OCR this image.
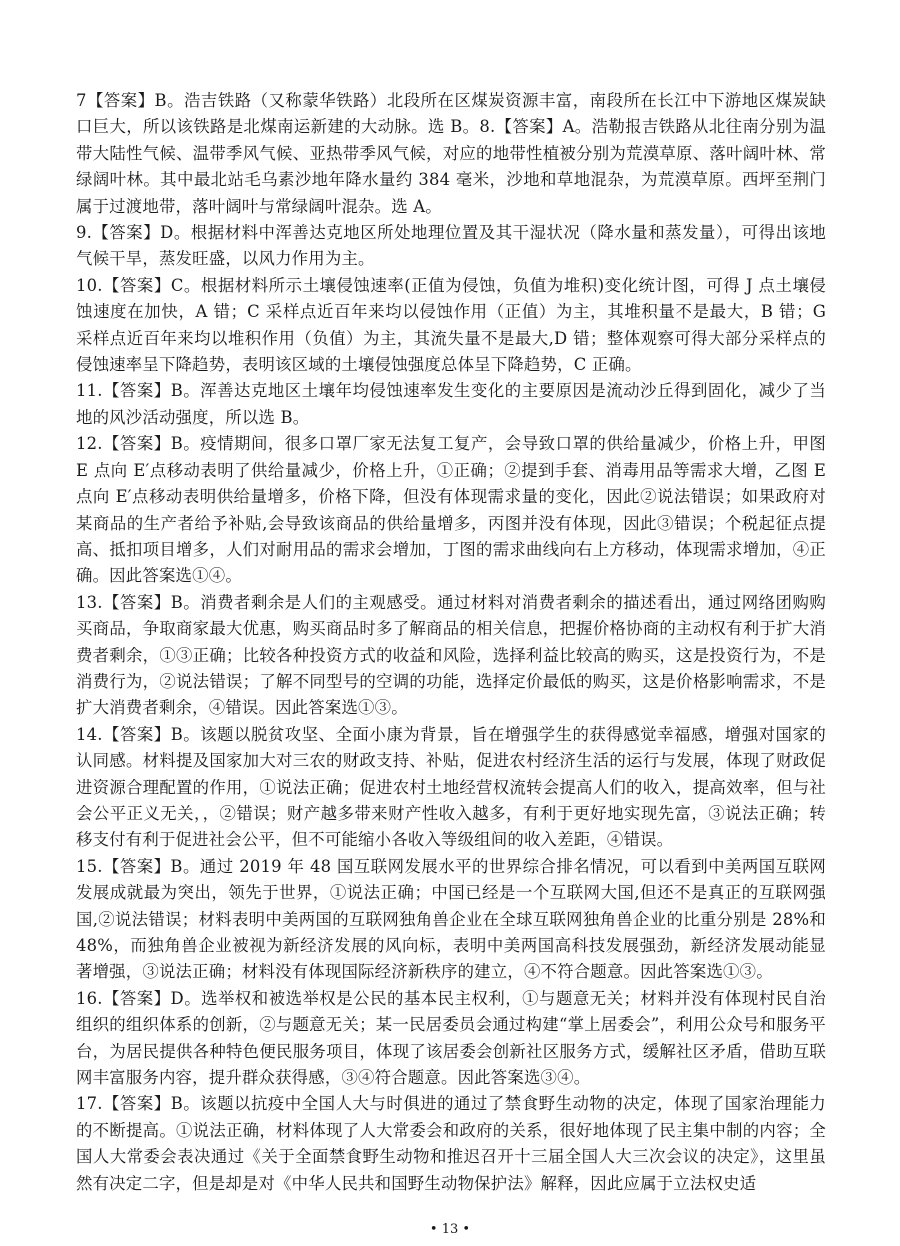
7【答案】B。浩吉铁路（又称蒙华铁路）北段所在区煤炭资源丰富，南段所在长江中下游地区煤炭缺口巨大，所以该铁路是北煤南运新建的大动脉。选 B。8.【答案】A。浩勒报吉铁路从北往南分别为温带大陆性气候、温带季风气候、亚热带季风气候，对应的地带性植被分别为荒漠草原、落叶阔叶林、常绿阔叶林。其中最北站毛乌素沙地年降水量约 384 毫米，沙地和草地混杂，为荒漠草原。西坪至荆门属于过渡地带，落叶阔叶与常绿阔叶混杂。选 A。

9.【答案】D。根据材料中浑善达克地区所处地理位置及其干湿状况（降水量和蒸发量），可得出该地气候干旱，蒸发旺盛，以风力作用为主。

10.【答案】C。根据材料所示土壤侵蚀速率(正值为侵蚀，负值为堆积)变化统计图，可得 J 点土壤侵蚀速度在加快，A 错；C 采样点近百年来均以侵蚀作用（正值）为主，其堆积量不是最大，B 错；G 采样点近百年来均以堆积作用（负值）为主，其流失量不是最大,D 错；整体观察可得大部分采样点的侵蚀速率呈下降趋势，表明该区域的土壤侵蚀强度总体呈下降趋势，C 正确。

11.【答案】B。浑善达克地区土壤年均侵蚀速率发生变化的主要原因是流动沙丘得到固化，减少了当地的风沙活动强度，所以选 B。

12.【答案】B。疫情期间，很多口罩厂家无法复工复产，会导致口罩的供给量减少，价格上升，甲图 E 点向 E′点移动表明了供给量减少，价格上升，①正确；②提到手套、消毒用品等需求大增，乙图 E 点向 E′点移动表明供给量增多，价格下降，但没有体现需求量的变化，因此②说法错误；如果政府对某商品的生产者给予补贴,会导致该商品的供给量增多，丙图并没有体现，因此③错误；个税起征点提高、抵扣项目增多，人们对耐用品的需求会增加，丁图的需求曲线向右上方移动，体现需求增加，④正确。因此答案选①④。

13.【答案】B。消费者剩余是人们的主观感受。通过材料对消费者剩余的描述看出，通过网络团购购买商品，争取商家最大优惠，购买商品时多了解商品的相关信息，把握价格协商的主动权有利于扩大消费者剩余，①③正确；比较各种投资方式的收益和风险，选择利益比较高的购买，这是投资行为，不是消费行为，②说法错误；了解不同型号的空调的功能，选择定价最低的购买，这是价格影响需求，不是扩大消费者剩余，④错误。因此答案选①③。

14.【答案】B。该题以脱贫攻坚、全面小康为背景，旨在增强学生的获得感觉幸福感，增强对国家的认同感。材料提及国家加大对三农的财政支持、补贴，促进农村经济生活的运行与发展，体现了财政促进资源合理配置的作用，①说法正确；促进农村土地经营权流转会提高人们的收入，提高效率，但与社会公平正义无关，，②错误；财产越多带来财产性收入越多，有利于更好地实现先富，③说法正确；转移支付有利于促进社会公平，但不可能缩小各收入等级组间的收入差距，④错误。

15.【答案】B。通过 2019 年 48 国互联网发展水平的世界综合排名情况，可以看到中美两国互联网发展成就最为突出，领先于世界，①说法正确；中国已经是一个互联网大国,但还不是真正的互联网强国,②说法错误；材料表明中美两国的互联网独角兽企业在全球互联网独角兽企业的比重分别是 28%和 48%，而独角兽企业被视为新经济发展的风向标，表明中美两国高科技发展强劲，新经济发展动能显著增强，③说法正确；材料没有体现国际经济新秩序的建立，④不符合题意。因此答案选①③。

16.【答案】D。选举权和被选举权是公民的基本民主权利，①与题意无关；材料并没有体现村民自治组织的组织体系的创新，②与题意无关；某一民居委员会通过构建“掌上居委会”，利用公众号和服务平台，为居民提供各种特色便民服务项目，体现了该居委会创新社区服务方式，缓解社区矛盾，借助互联网丰富服务内容，提升群众获得感，③④符合题意。因此答案选③④。

17.【答案】B。该题以抗疫中全国人大与时俱进的通过了禁食野生动物的决定，体现了国家治理能力的不断提高。①说法正确，材料体现了人大常委会和政府的关系，很好地体现了民主集中制的内容；全国人大常委会表决通过《关于全面禁食野生动物和推迟召开十三届全国人大三次会议的决定》，这里虽然有决定二字，但是却是对《中华人民共和国野生动物保护法》解释，因此应属于立法权史适

• 13 •
